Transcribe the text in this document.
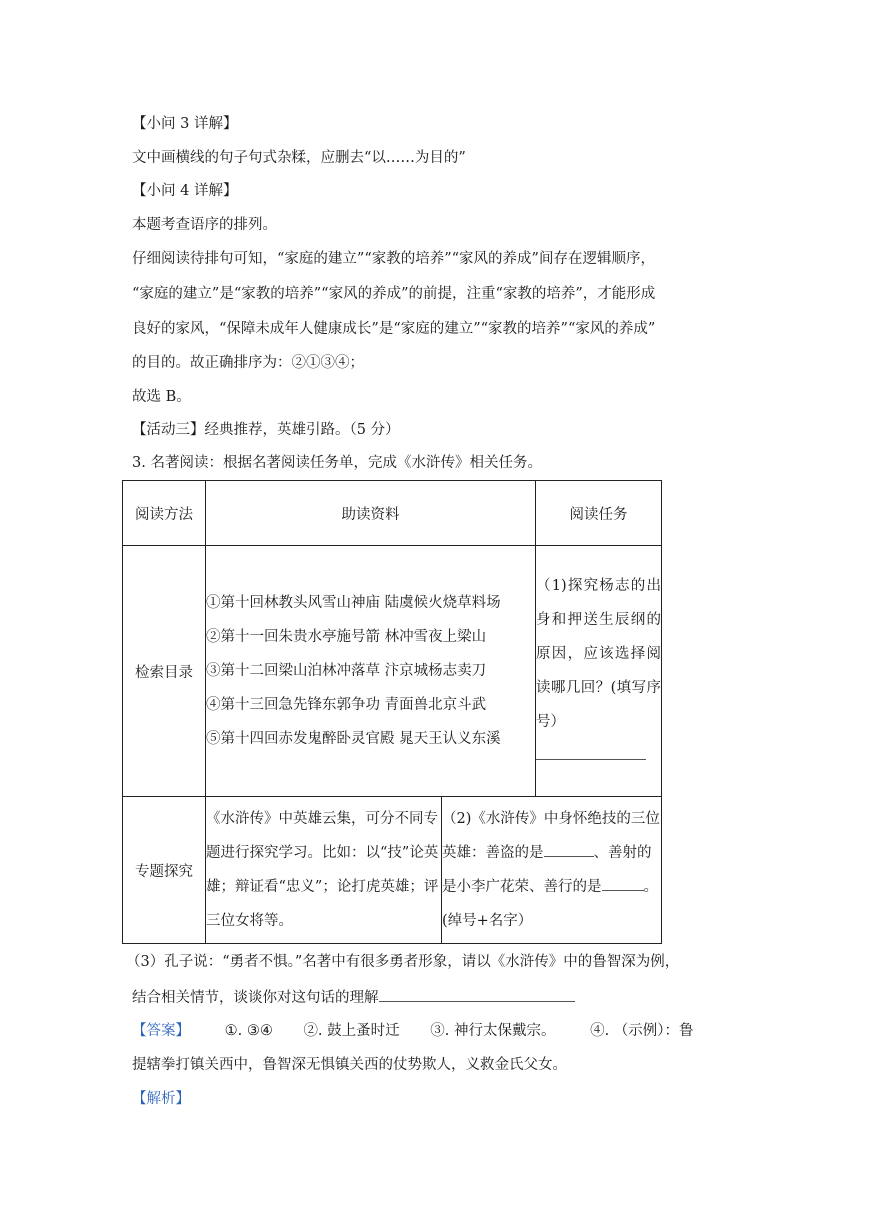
【小问 3 详解】
文中画横线的句子句式杂糅，应删去“以……为目的”
【小问 4 详解】
本题考查语序的排列。
仔细阅读待排句可知，“家庭的建立”“家教的培养”“家风的养成”间存在逻辑顺序，
“家庭的建立”是“家教的培养”“家风的养成”的前提，注重“家教的培养”，才能形成
良好的家风，“保障未成年人健康成长”是“家庭的建立”“家教的培养”“家风的养成”
的目的。故正确排序为：②①③④；
故选 B。
【活动三】经典推荐，英雄引路。（5 分）
3. 名著阅读：根据名著阅读任务单，完成《水浒传》相关任务。
阅读方法	助读资料		阅读任务
检索目录	①第十回林教头风雪山神庙 陆虞候火烧草料场
②第十一回朱贵水亭施号箭 林冲雪夜上梁山
③第十二回梁山泊林冲落草 汴京城杨志卖刀
④第十三回急先锋东郭争功 青面兽北京斗武
⑤第十四回赤发鬼醉卧灵官殿 晁天王认义东溪		（1)探究杨志的出身和押送生辰纲的原因，应该选择阅读哪几回？(填写序号）

专题探究	《水浒传》中英雄云集，可分不同专题进行探究学习。比如：以“技”论英雄；辩证看“忠义”；论打虎英雄；评三位女将等。	（2)《水浒传》中身怀绝技的三位英雄：善盗的是 、善射的是小李广花荣、善行的是 。(绰号+名字）	
（3）孔子说：“勇者不惧。”名著中有很多勇者形象，请以《水浒传》中的鲁智深为例，
结合相关情节，谈谈你对这句话的理解
【答案】 ①. ③④ ②. 鼓上蚤时迁 ③. 神行太保戴宗。 ④. （示例）：鲁
提辖拳打镇关西中，鲁智深无惧镇关西的仗势欺人，义救金氏父女。
【解析】
